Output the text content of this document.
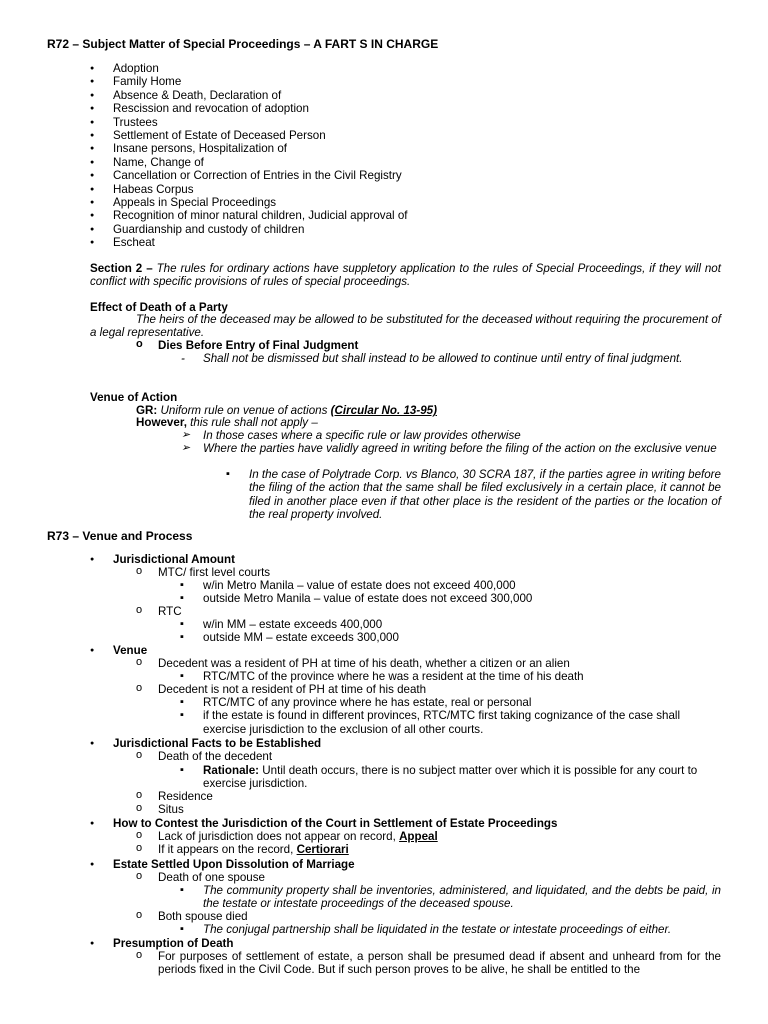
R72 – Subject Matter of Special Proceedings – A FART S IN CHARGE
● Adoption
● Family Home
● Absence & Death, Declaration of
● Rescission and revocation of adoption
● Trustees
● Settlement of Estate of Deceased Person
● Insane persons, Hospitalization of
● Name, Change of
● Cancellation or Correction of Entries in the Civil Registry
● Habeas Corpus
● Appeals in Special Proceedings
● Recognition of minor natural children, Judicial approval of
● Guardianship and custody of children
● Escheat
Section 2 – The rules for ordinary actions have suppletory application to the rules of Special Proceedings, if they will not conflict with specific provisions of rules of special proceedings.
Effect of Death of a Party
The heirs of the deceased may be allowed to be substituted for the deceased without requiring the procurement of a legal representative.
o Dies Before Entry of Final Judgment
- Shall not be dismissed but shall instead to be allowed to continue until entry of final judgment.
Venue of Action
GR: Uniform rule on venue of actions (Circular No. 13-95)
However, this rule shall not apply –
➢ In those cases where a specific rule or law provides otherwise
➢ Where the parties have validly agreed in writing before the filing of the action on the exclusive venue
▪ In the case of Polytrade Corp. vs Blanco, 30 SCRA 187, if the parties agree in writing before the filing of the action that the same shall be filed exclusively in a certain place, it cannot be filed in another place even if that other place is the resident of the parties or the location of the real property involved.
R73 – Venue and Process
● Jurisdictional Amount
o MTC/ first level courts
▪ w/in Metro Manila – value of estate does not exceed 400,000
▪ outside Metro Manila – value of estate does not exceed 300,000
o RTC
▪ w/in MM – estate exceeds 400,000
▪ outside MM – estate exceeds 300,000
● Venue
o Decedent was a resident of PH at time of his death, whether a citizen or an alien
▪ RTC/MTC of the province where he was a resident at the time of his death
o Decedent is not a resident of PH at time of his death
▪ RTC/MTC of any province where he has estate, real or personal
▪ if the estate is found in different provinces, RTC/MTC first taking cognizance of the case shall exercise jurisdiction to the exclusion of all other courts.
● Jurisdictional Facts to be Established
o Death of the decedent
▪ Rationale: Until death occurs, there is no subject matter over which it is possible for any court to exercise jurisdiction.
o Residence
o Situs
● How to Contest the Jurisdiction of the Court in Settlement of Estate Proceedings
o Lack of jurisdiction does not appear on record, Appeal
o If it appears on the record, Certiorari
● Estate Settled Upon Dissolution of Marriage
o Death of one spouse
▪ The community property shall be inventories, administered, and liquidated, and the debts be paid, in the testate or intestate proceedings of the deceased spouse.
o Both spouse died
▪ The conjugal partnership shall be liquidated in the testate or intestate proceedings of either.
● Presumption of Death
o For purposes of settlement of estate, a person shall be presumed dead if absent and unheard from for the periods fixed in the Civil Code. But if such person proves to be alive, he shall be entitled to the
